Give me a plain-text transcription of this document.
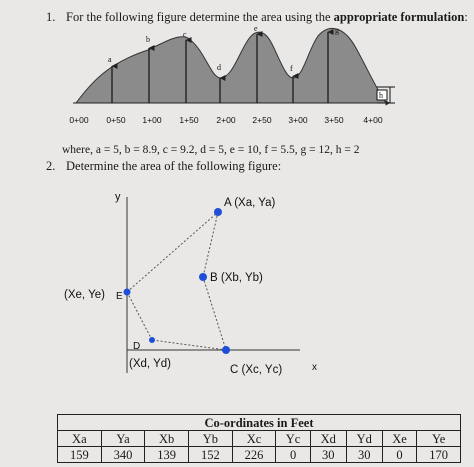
1. For the following figure determine the area using the appropriate formulation:
a
b
c
d
e
f
g
h
0+00 0+50 1+00 1+50 2+00 2+50 3+00 3+50 4+00
y
x
A (Xa, Ya)
B (Xb, Yb)
C (Xc, Yc)
D
(Xd, Yd)
(Xe, Ye) E
where, a = 5, b = 8.9, c = 9.2, d = 5, e = 10, f = 5.5, g = 12, h = 2
2. Determine the area of the following figure:
Co-ordinates in Feet									
Xa	Ya	Xb	Yb	Xc	Yc	Xd	Yd	Xe	Ye
159	340	139	152	226	0	30	30	0	170
